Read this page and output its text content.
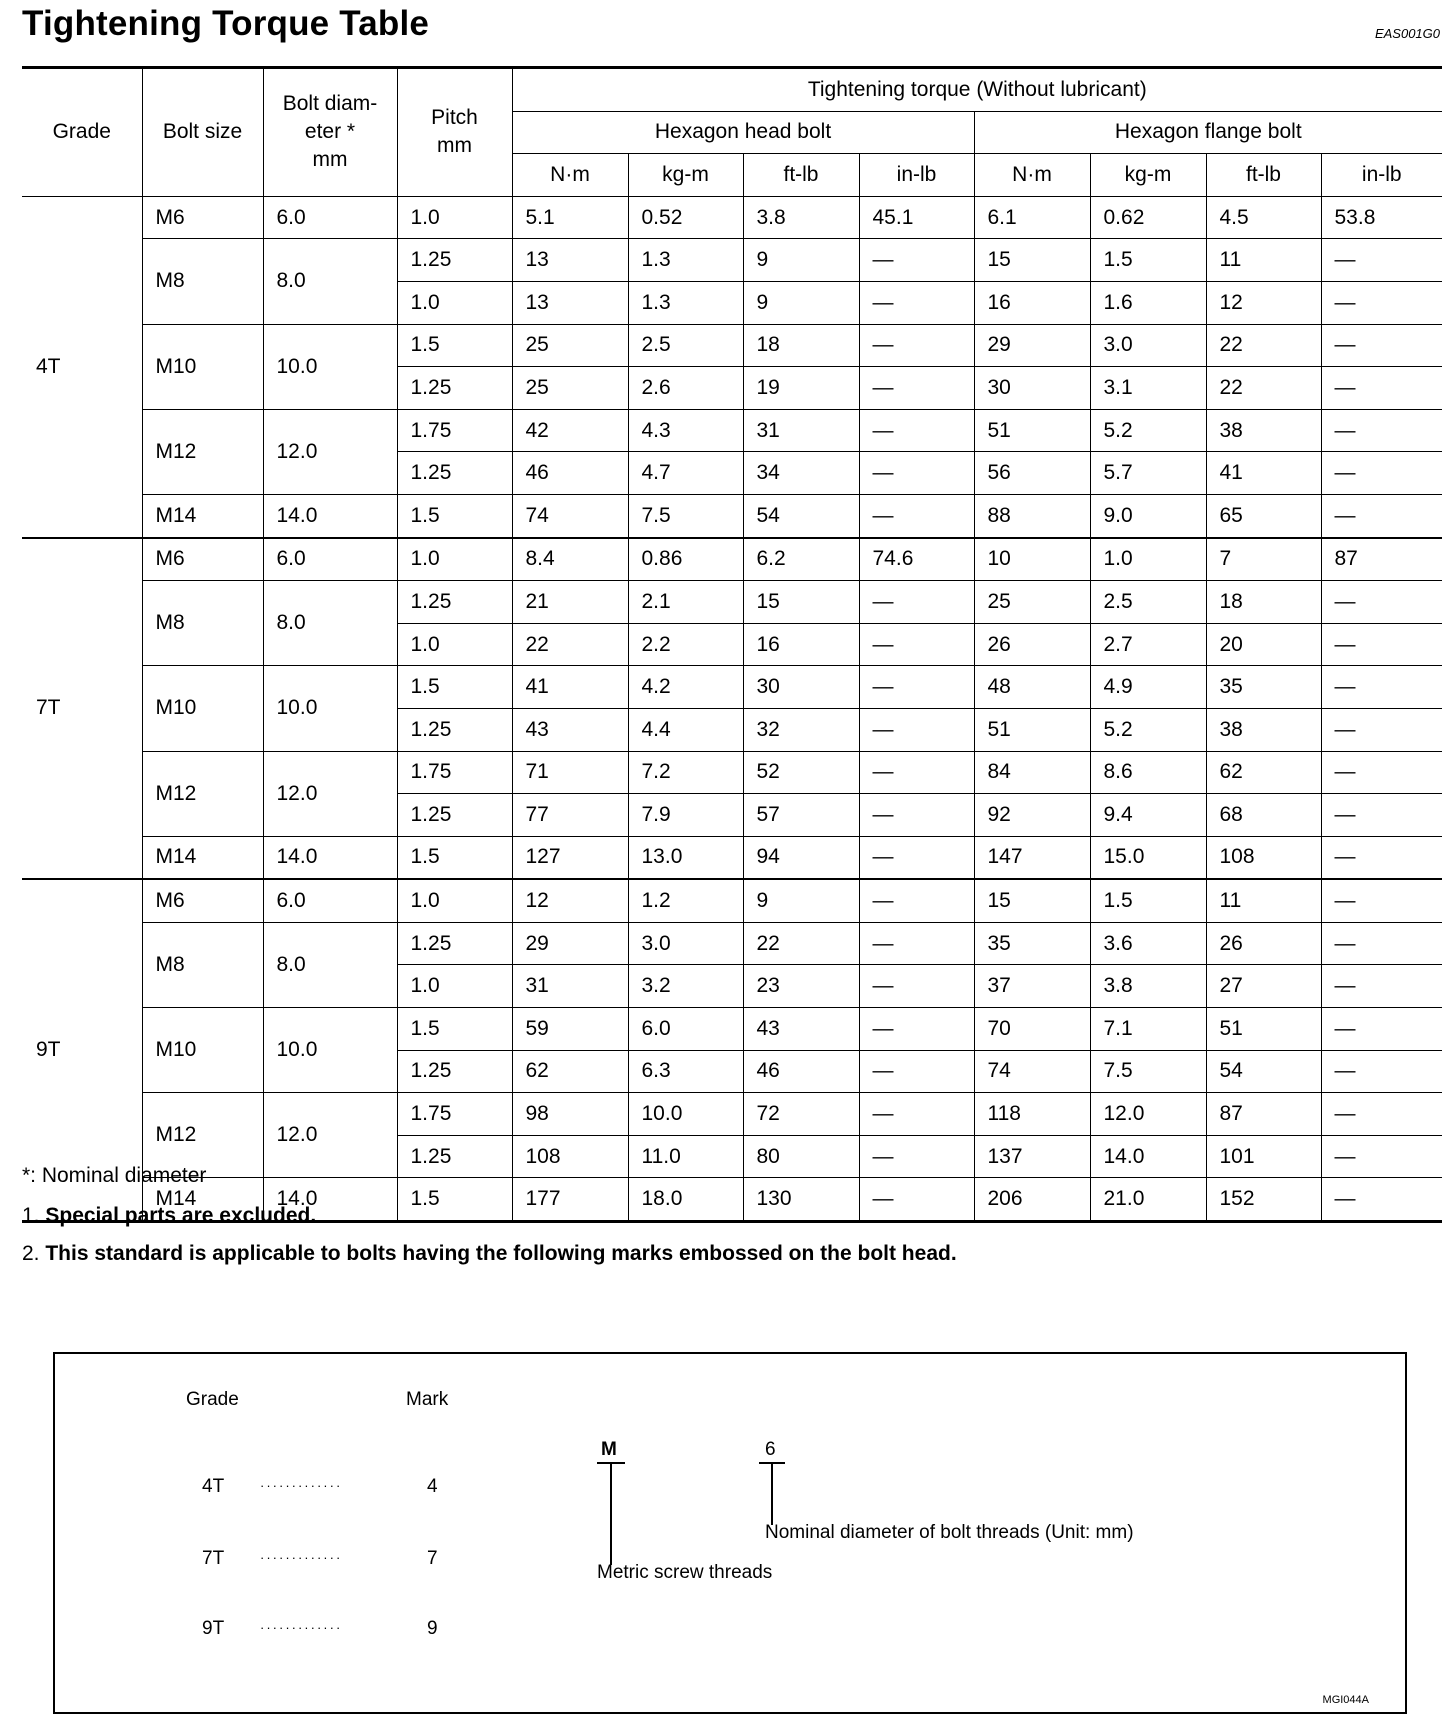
Tightening Torque Table	EAS001G0
Grade	Bolt size	Bolt diam-
eter *
mm	Pitch
mm	Tightening torque (Without lubricant)							
				Hexagon head bolt				Hexagon flange bolt			
				N·m	kg-m	ft-lb	in-lb	N·m	kg-m	ft-lb	in-lb
4T	M6	6.0	1.0	5.1	0.52	3.8	45.1	6.1	0.62	4.5	53.8
	M8	8.0	1.25	13	1.3	9	—	15	1.5	11	—
			1.0	13	1.3	9	—	16	1.6	12	—
	M10	10.0	1.5	25	2.5	18	—	29	3.0	22	—
			1.25	25	2.6	19	—	30	3.1	22	—
	M12	12.0	1.75	42	4.3	31	—	51	5.2	38	—
			1.25	46	4.7	34	—	56	5.7	41	—
	M14	14.0	1.5	74	7.5	54	—	88	9.0	65	—
7T	M6	6.0	1.0	8.4	0.86	6.2	74.6	10	1.0	7	87
	M8	8.0	1.25	21	2.1	15	—	25	2.5	18	—
			1.0	22	2.2	16	—	26	2.7	20	—
	M10	10.0	1.5	41	4.2	30	—	48	4.9	35	—
			1.25	43	4.4	32	—	51	5.2	38	—
	M12	12.0	1.75	71	7.2	52	—	84	8.6	62	—
			1.25	77	7.9	57	—	92	9.4	68	—
	M14	14.0	1.5	127	13.0	94	—	147	15.0	108	—
9T	M6	6.0	1.0	12	1.2	9	—	15	1.5	11	—
	M8	8.0	1.25	29	3.0	22	—	35	3.6	26	—
			1.0	31	3.2	23	—	37	3.8	27	—
	M10	10.0	1.5	59	6.0	43	—	70	7.1	51	—
			1.25	62	6.3	46	—	74	7.5	54	—
	M12	12.0	1.75	98	10.0	72	—	118	12.0	87	—
			1.25	108	11.0	80	—	137	14.0	101	—
	M14	14.0	1.5	177	18.0	130	—	206	21.0	152	—
*: Nominal diameter
1. Special parts are excluded.
2. This standard is applicable to bolts having the following marks embossed on the bolt head.
Grade	Mark
4T	·············	4
7T	·············	7
9T	·············	9
M	6
Nominal diameter of bolt threads (Unit: mm)
Metric screw threads
MGI044A
